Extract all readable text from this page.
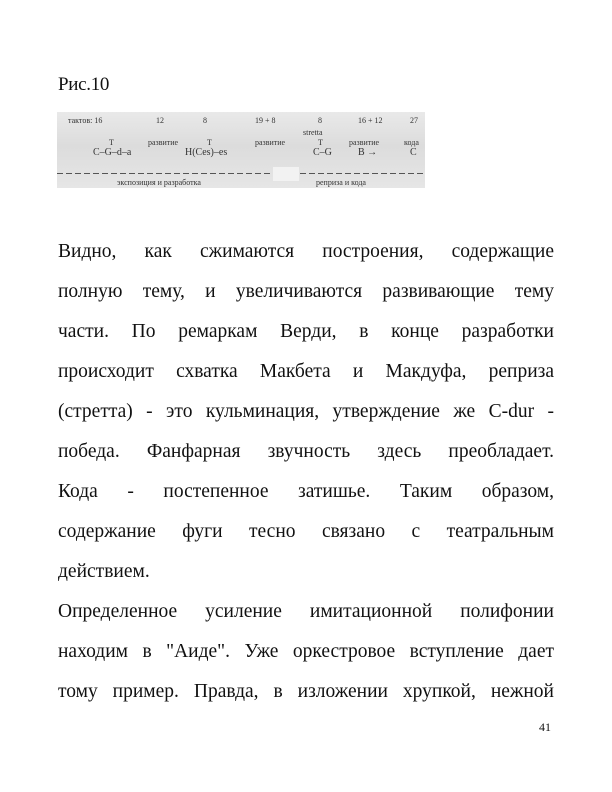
Рис.10
тактов: 16	12	8	19 + 8	8	16 + 12	27
stretta
Т	развитие	Т	развитие	Т	развитие	кода
C–G–d–a	H(Ces)–es	C–G	B →	C
экспозиция и разработка	реприза и кода
Видно, как сжимаются построения, содержащие
полную тему, и увеличиваются развивающие тему
части. По ремаркам Верди, в конце разработки
происходит схватка Макбета и Макдуфа, реприза
(стретта) - это кульминация, утверждение же C-dur -
победа. Фанфарная звучность здесь преобладает.
Кода - постепенное затишье. Таким образом,
содержание фуги тесно связано с театральным
действием.
Определенное усиление имитационной полифонии
находим в "Аиде". Уже оркестровое вступление дает
тому пример. Правда, в изложении хрупкой, нежной
41
